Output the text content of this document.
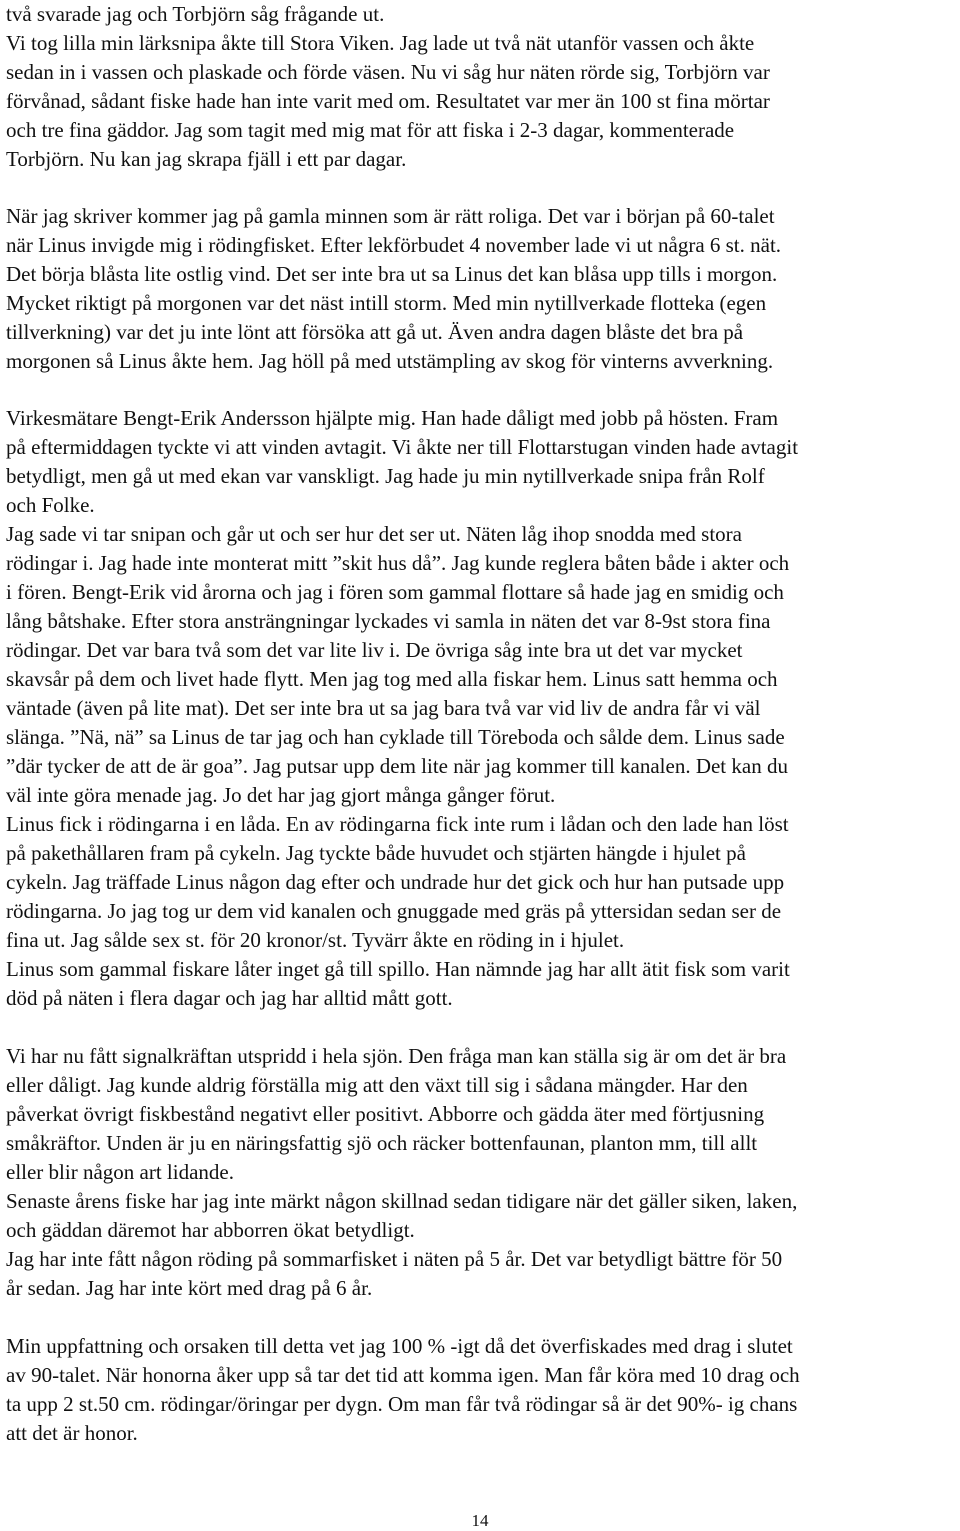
två svarade jag och Torbjörn såg frågande ut.

Vi tog lilla min lärksnipa åkte till Stora Viken. Jag lade ut två nät utanför vassen och åkte

sedan in i vassen och plaskade och förde väsen. Nu vi såg hur näten rörde sig, Torbjörn var

förvånad, sådant fiske hade han inte varit med om. Resultatet var mer än 100 st fina mörtar

och tre fina gäddor. Jag som tagit med mig mat för att fiska i 2-3 dagar, kommenterade

Torbjörn. Nu kan jag skrapa fjäll i ett par dagar.

När jag skriver kommer jag på gamla minnen som är rätt roliga. Det var i början på 60-talet

när Linus invigde mig i rödingfisket. Efter lekförbudet 4 november lade vi ut några 6 st. nät.

Det börja blåsta lite ostlig vind. Det ser inte bra ut sa Linus det kan blåsa upp tills i morgon.

Mycket riktigt på morgonen var det näst intill storm. Med min nytillverkade flotteka (egen

tillverkning) var det ju inte lönt att försöka att gå ut. Även andra dagen blåste det bra på

morgonen så Linus åkte hem. Jag höll på med utstämpling av skog för vinterns avverkning.

Virkesmätare Bengt-Erik Andersson hjälpte mig. Han hade dåligt med jobb på hösten. Fram

på eftermiddagen tyckte vi att vinden avtagit. Vi åkte ner till Flottarstugan vinden hade avtagit

betydligt, men gå ut med ekan var vanskligt. Jag hade ju min nytillverkade snipa från Rolf

och Folke.

Jag sade vi tar snipan och går ut och ser hur det ser ut. Näten låg ihop snodda med stora

rödingar i. Jag hade inte monterat mitt ”skit hus då”. Jag kunde reglera båten både i akter och

i fören. Bengt-Erik vid årorna och jag i fören som gammal flottare så hade jag en smidig och

lång båtshake. Efter stora ansträngningar lyckades vi samla in näten det var 8-9st stora fina

rödingar. Det var bara två som det var lite liv i. De övriga såg inte bra ut det var mycket

skavsår på dem och livet hade flytt. Men jag tog med alla fiskar hem. Linus satt hemma och

väntade (även på lite mat). Det ser inte bra ut sa jag bara två var vid liv de andra får vi väl

slänga. ”Nä, nä” sa Linus de tar jag och han cyklade till Töreboda och sålde dem. Linus sade

”där tycker de att de är goa”. Jag putsar upp dem lite när jag kommer till kanalen. Det kan du

väl inte göra menade jag. Jo det har jag gjort många gånger förut.

Linus fick i rödingarna i en låda. En av rödingarna fick inte rum i lådan och den lade han löst

på pakethållaren fram på cykeln. Jag tyckte både huvudet och stjärten hängde i hjulet på

cykeln. Jag träffade Linus någon dag efter och undrade hur det gick och hur han putsade upp

rödingarna. Jo jag tog ur dem vid kanalen och gnuggade med gräs på yttersidan sedan ser de

fina ut. Jag sålde sex st. för 20 kronor/st. Tyvärr åkte en röding in i hjulet.

Linus som gammal fiskare låter inget gå till spillo. Han nämnde jag har allt ätit fisk som varit

död på näten i flera dagar och jag har alltid mått gott.

Vi har nu fått signalkräftan utspridd i hela sjön. Den fråga man kan ställa sig är om det är bra

eller dåligt. Jag kunde aldrig förställa mig att den växt till sig i sådana mängder. Har den

påverkat övrigt fiskbestånd negativt eller positivt. Abborre och gädda äter med förtjusning

småkräftor. Unden är ju en näringsfattig sjö och räcker bottenfaunan, planton mm, till allt

eller blir någon art lidande.

Senaste årens fiske har jag inte märkt någon skillnad sedan tidigare när det gäller siken, laken,

och gäddan däremot har abborren ökat betydligt.

Jag har inte fått någon röding på sommarfisket i näten på 5 år. Det var betydligt bättre för 50

år sedan. Jag har inte kört med drag på 6 år.

Min uppfattning och orsaken till detta vet jag 100 % -igt då det överfiskades med drag i slutet

av 90-talet. När honorna åker upp så tar det tid att komma igen. Man får köra med 10 drag och

ta upp 2 st.50 cm. rödingar/öringar per dygn. Om man får två rödingar så är det 90%- ig chans

att det är honor.

14
